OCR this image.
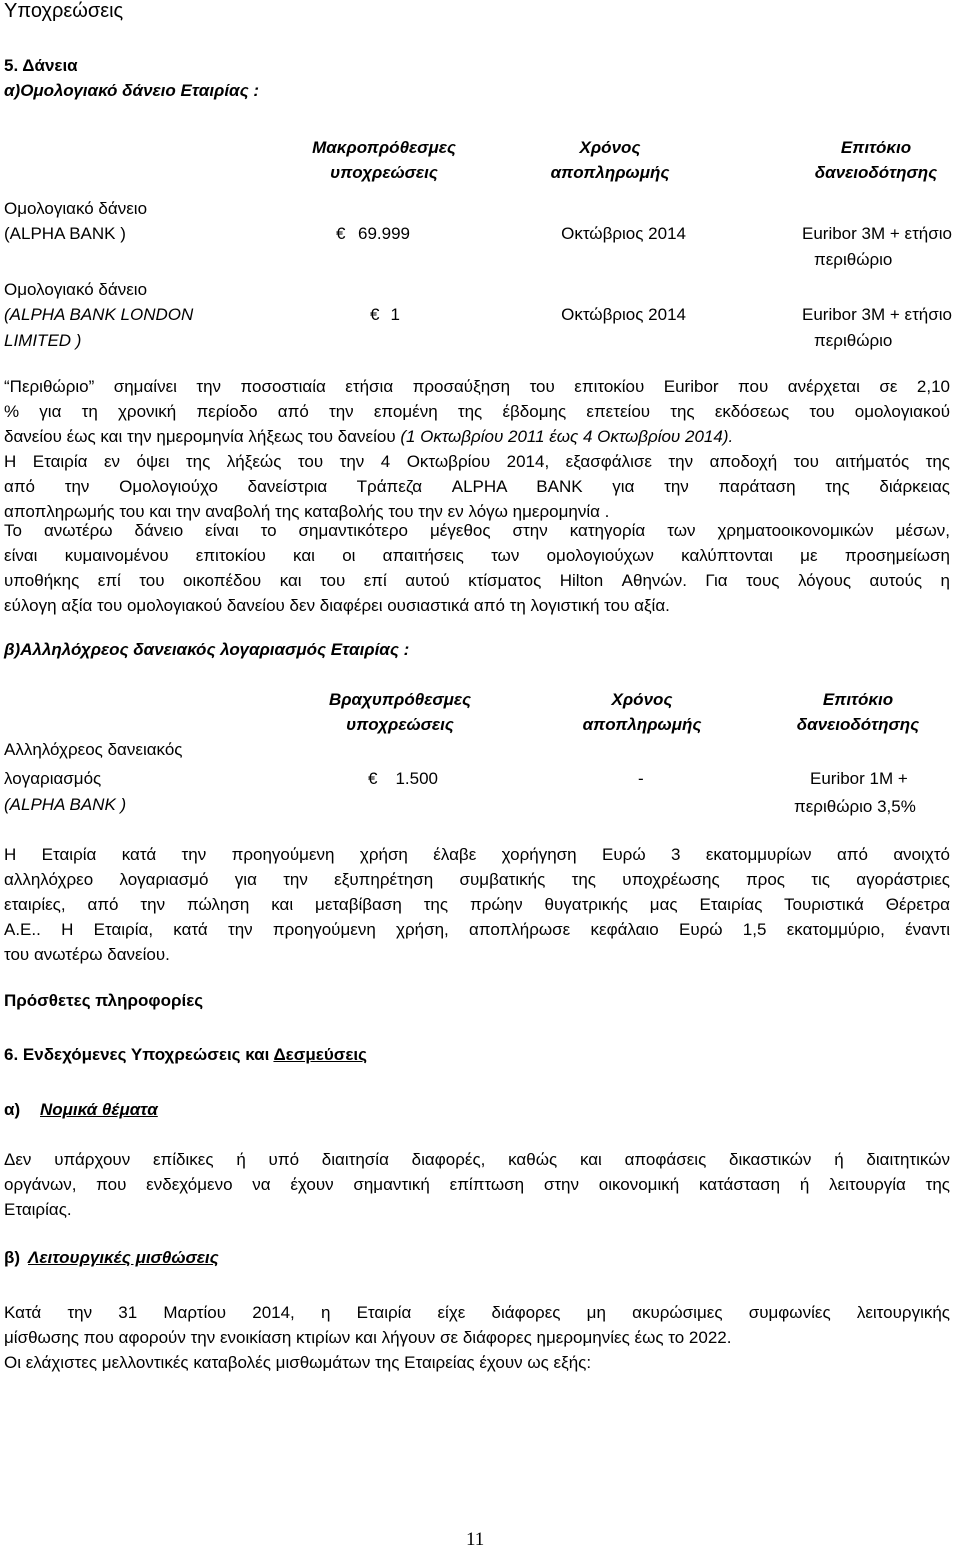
Υποχρεώσεις
5. Δάνεια
α)Ομολογιακό δάνειο Εταιρίας :
Μακροπρόθεσμες
υποχρεώσεις
Χρόνος
αποπληρωμής
Επιτόκιο
δανειοδότησης
Ομολογιακό δάνειο
(ALPHA BANK )	€ 69.999	Οκτώβριος 2014	Euribor 3M + ετήσιο
περιθώριο
Ομολογιακό δάνειο
(ALPHA BANK LONDON
LIMITED )
€ 1	Οκτώβριος 2014	Euribor 3M + ετήσιο
περιθώριο
“Περιθώριο” σημαίνει την ποσοστιαία ετήσια προσαύξηση του επιτοκίου Euribor που ανέρχεται σε 2,10
% για τη χρονική περίοδο από την επομένη της έβδομης επετείου της εκδόσεως του ομολογιακού
δανείου έως και την ημερομηνία λήξεως του δανείου (1 Οκτωβρίου 2011 έως 4 Οκτωβρίου 2014).
Η Εταιρία εν όψει της λήξεώς του την 4 Οκτωβρίου 2014, εξασφάλισε την αποδοχή του αιτήματός της
από την Ομολογιούχο δανείστρια Τράπεζα ALPHA BANK για την παράταση της διάρκειας
αποπληρωμής του και την αναβολή της καταβολής του την εν λόγω ημερομηνία .
Το ανωτέρω δάνειο είναι το σημαντικότερο μέγεθος στην κατηγορία των χρηματοοικονομικών μέσων,
είναι κυμαινομένου επιτοκίου και οι απαιτήσεις των ομολογιούχων καλύπτονται με προσημείωση
υποθήκης επί του οικοπέδου και του επί αυτού κτίσματος Hilton Αθηνών. Για τους λόγους αυτούς η
εύλογη αξία του ομολογιακού δανείου δεν διαφέρει ουσιαστικά από τη λογιστική του αξία.
β)Αλληλόχρεος δανειακός λογαριασμός Εταιρίας :
Βραχυπρόθεσμες
υποχρεώσεις
Χρόνος
αποπληρωμής
Επιτόκιο
δανειοδότησης
Αλληλόχρεος δανειακός
λογαριασμός
(ALPHA BANK )
€	1.500	-	Euribor 1M +
περιθώριο 3,5%
Η Εταιρία κατά την προηγούμενη χρήση έλαβε χορήγηση Ευρώ 3 εκατομμυρίων από ανοιχτό
αλληλόχρεο λογαριασμό για την εξυπηρέτηση συμβατικής της υποχρέωσης προς τις αγοράστριες
εταιρίες, από την πώληση και μεταβίβαση της πρώην θυγατρικής μας Εταιρίας Τουριστικά Θέρετρα
Α.Ε.. Η Εταιρία, κατά την προηγούμενη χρήση, αποπλήρωσε κεφάλαιο Ευρώ 1,5 εκατομμύριο, έναντι
του ανωτέρω δανείου.
Πρόσθετες πληροφορίες
6. Ενδεχόμενες Υποχρεώσεις και Δεσμεύσεις
α) Νομικά θέματα
Δεν υπάρχουν επίδικες ή υπό διαιτησία διαφορές, καθώς και αποφάσεις δικαστικών ή διαιτητικών
οργάνων, που ενδεχόμενο να έχουν σημαντική επίπτωση στην οικονομική κατάσταση ή λειτουργία της
Εταιρίας.
β) Λειτουργικές μισθώσεις
Κατά την 31 Μαρτίου 2014, η Εταιρία είχε διάφορες μη ακυρώσιμες συμφωνίες λειτουργικής
μίσθωσης που αφορούν την ενοικίαση κτιρίων και λήγουν σε διάφορες ημερομηνίες έως το 2022.
Οι ελάχιστες μελλοντικές καταβολές μισθωμάτων της Εταιρείας έχουν ως εξής:
11
